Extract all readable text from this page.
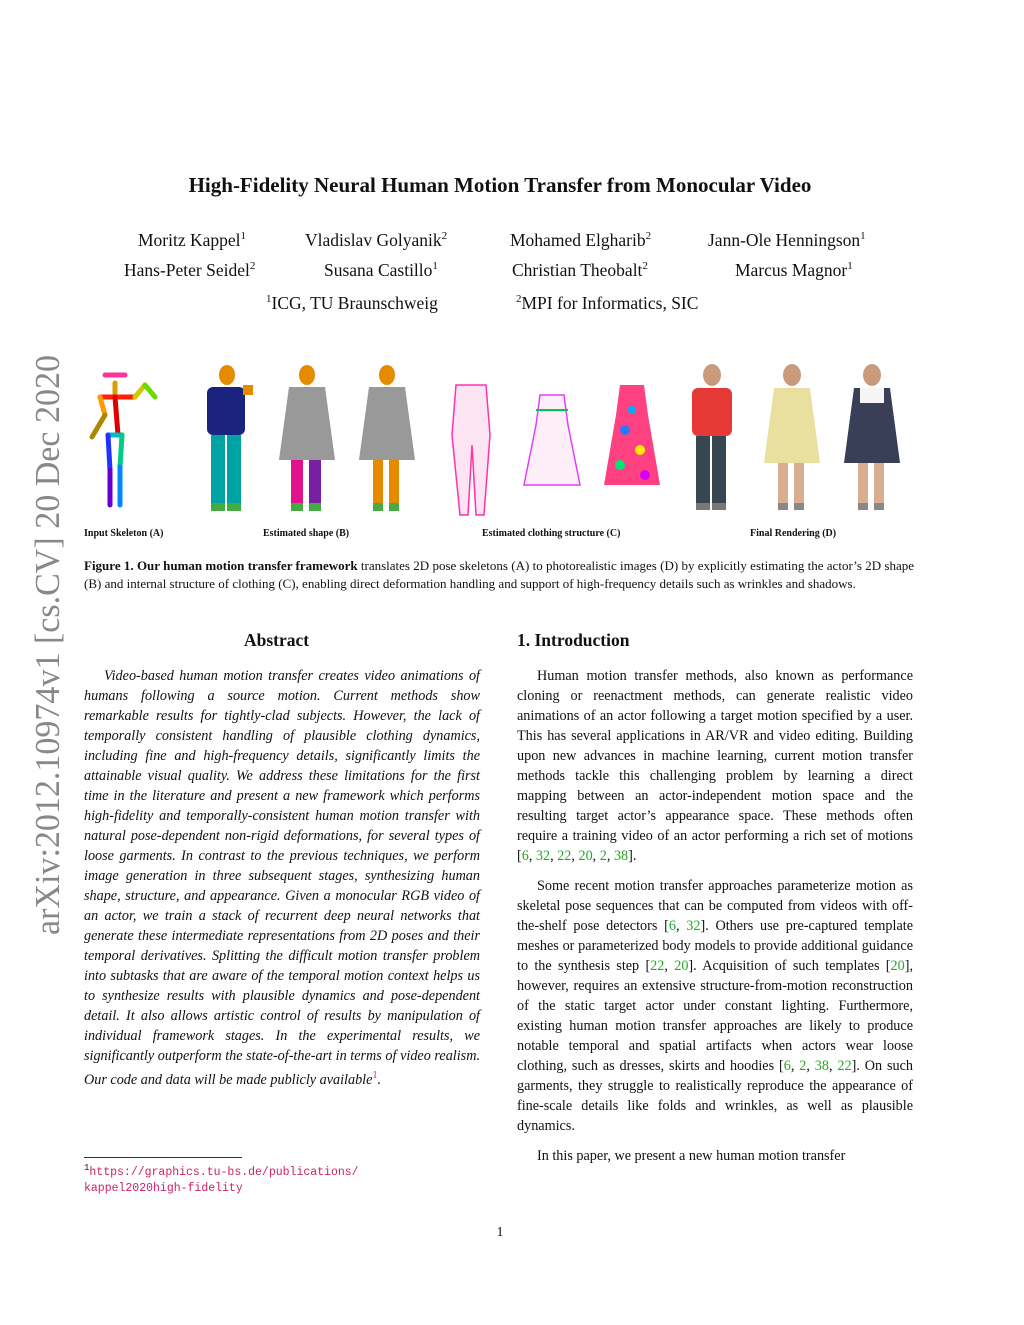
arXiv:2012.10974v1 [cs.CV] 20 Dec 2020
High-Fidelity Neural Human Motion Transfer from Monocular Video
Moritz Kappel$^1$	Vladislav Golyanik$^2$	Mohamed Elgharib$^2$	Jann-Ole Henningson$^1$
Hans-Peter Seidel$^2$	Susana Castillo$^1$	Christian Theobalt$^2$	Marcus Magnor$^1$
$^1$ICG, TU Braunschweig	$^2$MPI for Informatics, SIC
Input Skeleton (A)	Estimated shape (B)	Estimated clothing structure (C)	Final Rendering (D)
Figure 1. Our human motion transfer framework translates 2D pose skeletons (A) to photorealistic images (D) by explicitly estimating the actor’s 2D shape (B) and internal structure of clothing (C), enabling direct deformation handling and support of high-frequency details such as wrinkles and shadows.
Abstract	1. Introduction
Video-based human motion transfer creates video animations of humans following a source motion. Current methods show remarkable results for tightly-clad subjects. However, the lack of temporally consistent handling of plausible clothing dynamics, including fine and high-frequency details, significantly limits the attainable visual quality. We address these limitations for the first time in the literature and present a new framework which performs high-fidelity and temporally-consistent human motion transfer with natural pose-dependent non-rigid deformations, for several types of loose garments. In contrast to the previous techniques, we perform image generation in three subsequent stages, synthesizing human shape, structure, and appearance. Given a monocular RGB video of an actor, we train a stack of recurrent deep neural networks that generate these intermediate representations from 2D poses and their temporal derivatives. Splitting the difficult motion transfer problem into subtasks that are aware of the temporal motion context helps us to synthesize results with plausible dynamics and pose-dependent detail. It also allows artistic control of results by manipulation of individual framework stages. In the experimental results, we significantly outperform the state-of-the-art in terms of video realism. Our code and data will be made publicly available$^1$.

Human motion transfer methods, also known as performance cloning or reenactment methods, can generate realistic video animations of an actor following a target motion specified by a user. This has several applications in AR/VR and video editing. Building upon new advances in machine learning, current motion transfer methods tackle this challenging problem by learning a direct mapping between an actor-independent motion space and the resulting target actor’s appearance space. These methods often require a training video of an actor performing a rich set of motions [6, 32, 22, 20, 2, 38].

Some recent motion transfer approaches parameterize motion as skeletal pose sequences that can be computed from videos with off-the-shelf pose detectors [6, 32]. Others use pre-captured template meshes or parameterized body models to provide additional guidance to the synthesis step [22, 20]. Acquisition of such templates [20], however, requires an extensive structure-from-motion reconstruction of the static target actor under constant lighting. Furthermore, existing human motion transfer approaches are likely to produce notable temporal and spatial artifacts when actors wear loose clothing, such as dresses, skirts and hoodies [6, 2, 38, 22]. On such garments, they struggle to realistically reproduce the appearance of fine-scale details like folds and wrinkles, as well as plausible dynamics.

In this paper, we present a new human motion transfer

$^1$https://graphics.tu-bs.de/publications/
kappel2020high-fidelity
1
